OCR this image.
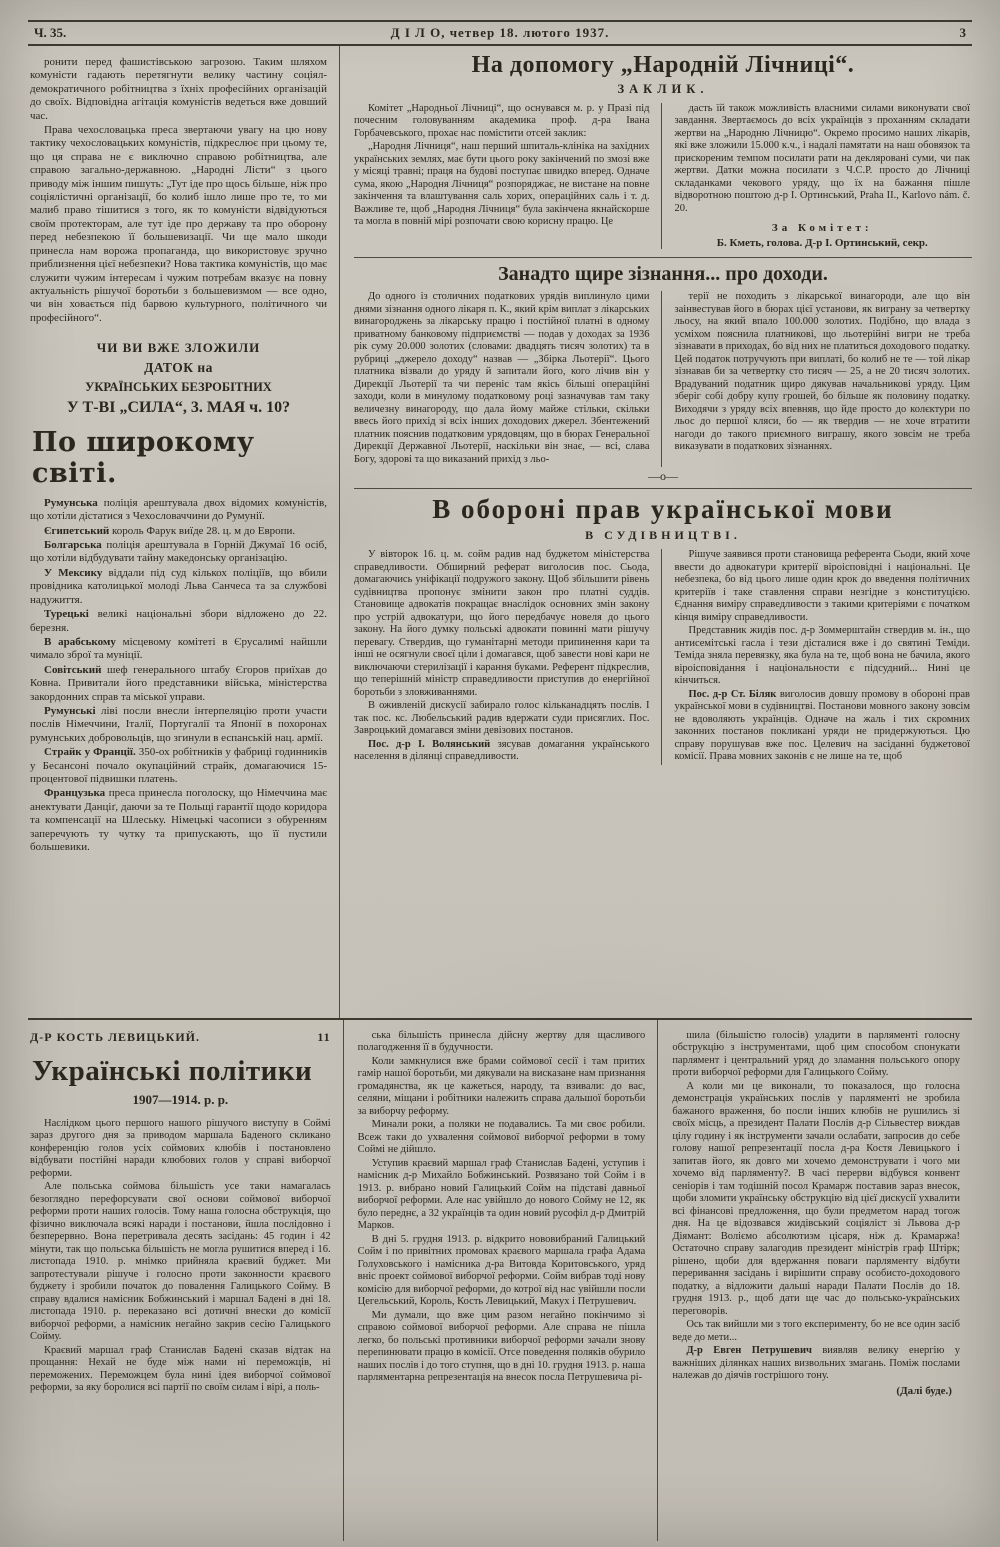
Ч. 35.	Д І Л О, четвер 18. лютого 1937.	3

ронити перед фашистівською загрозою. Таким шляхом комуністи гадають перетягнути велику частину соціял-демократичного робітництва з їхніх професійних організацій до своїх. Відповідна агітація комуністів ведеться вже довший час.

Права чехословацька преса звертаючи увагу на цю нову тактику чехословацьких комуністів, підкреслює при цьому те, що ця справа не є виключно справою робітництва, але справою загально-державною. „Народні Лісти“ з цього приводу між іншим пишуть: „Тут іде про щось більше, ніж про соціялістичні організації, бо колиб ішло лише про те, то ми малиб право тішитися з того, як то комуністи відвідуються своїм протекторам, але тут іде про державу та про оборону перед небезпекою її большевизації. Чи ще мало шкоди принесла нам ворожа пропаганда, що використовує зручно приблизнення цієї небезпеки? Нова тактика комуністів, що має служити чужим інтересам і чужим потребам вказує на повну актуальність рішучої боротьби з большевизмом — все одно, чи він ховається під барвою культурного, політичного чи професійного“.

ЧИ ВИ ВЖЕ ЗЛОЖИЛИ
ДАТОК на
УКРАЇНСЬКИХ БЕЗРОБІТНИХ
У Т-ВІ „СИЛА“, 3. МАЯ ч. 10?
По широкому світі.

Румунська поліція арештувала двох відомих комуністів, що хотіли дістатися з Чехословаччини до Румунії.

Єгипетський король Фарук виїде 28. ц. м до Европи.

Болгарська поліція арештувала в Горній Джумаї 16 осіб, що хотіли відбудувати тайну македонську організацію.

У Мексику віддали під суд кількох поліціїв, що вбили провідника католицької молоді Льва Санчеса та за службові надужиття.

Турецькі великі національні збори відложено до 22. березня.

В арабському місцевому комітеті в Єрусалимі найшли чимало зброї та муніції.

Совітський шеф генерального штабу Єгоров приїхав до Ковна. Привитали його представники війська, міністерства закордонних справ та міської управи.

Румунські ліві посли внесли інтерпеляцію проти участи послів Німеччини, Італії, Португалії та Японії в похоронах румунських добровольців, що згинули в еспанській нац. армії.

Страйк у Франції. 350-ох робітників у фабриці годинників у Бесансоні почало окупаційний страйк, домагаючися 15-процентової підвишки платень.

Французька преса принесла поголоску, що Німеччина має анектувати Данціґ, даючи за те Польщі гарантії щодо коридора та компенсації на Шлеську. Німецькі часописи з обуренням заперечують ту чутку та припускають, що її пустили большевики.

На допомогу „Народній Лічниці“.
ЗАКЛИК.

Комітет „Народньої Лічниці“, що оснувався м. р. у Празі під почесним головуванням академика проф. д-ра Івана Горбачевського, прохає нас помістити отсей заклик:

„Народня Лічниця“, наш перший шпиталь-клініка на західних українських землях, має бути цього року закінчений по змозі вже у місяці травні; праця на будові поступає швидко вперед. Одначе сума, якою „Народня Лічниця“ розпоряджає, не вистане на повне закінчення та влаштування саль хорих, операційних саль і т. д. Важливе те, щоб „Народня Лічниця“ була закінчена якнайскорше та могла в повній мірі розпочати свою корисну працю. Це

дасть їй також можливість власними силами виконувати свої завдання. Звертаємось до всіх українців з проханням складати жертви на „Народню Лічницю“. Окремо просимо наших лікарів, які вже зложили 15.000 к.ч., і надалі памятати на наш обовязок та прискореним темпом посилати рати на декляровані суми, чи пак жертви. Датки можна посилати з Ч.С.Р. просто до Лічниці складанками чекового уряду, що їх на бажання пішле відворотною поштою д-р І. Ортинський, Praha II., Karlovo nám. č. 20.

За Комітет:

Б. Кметь, голова. Д-р І. Ортинський, секр.

Занадто щире зізнання... про доходи.

До одного із столичних податкових урядів виплинуло цими днями зізнання одного лікаря п. К., який крім виплат з лікарських винагороджень за лікарську працю і постійної платні в одному приватному банковому підприємстві — подав у доходах за 1936 рік суму 20.000 золотих (словами: двадцять тисяч золотих) та в рубриці „джерело доходу“ назвав — „Збірка Льотерії“. Цього платника візвали до уряду й запитали його, кого лічив він у Дирекції Льотерії та чи переніс там якісь більші операційні заходи, коли в минулому податковому році зазначував там таку величезну винагороду, що дала йому майже стільки, скільки ввесь його прихід зі всіх інших доходових джерел. Збентежений платник пояснив податковим урядовцям, що в бюрах Генеральної Дирекції Державної Льотерії, наскільки він знає, — всі, слава Богу, здорові та що виказаний прихід з льо-

терії не походить з лікарської винагороди, але що він заінвестував його в бюрах цієї установи, як виграну за четвертку льосу, на який впало 100.000 золотих. Подібно, що влада з усміхом пояснила платникові, що льотерійні вигри не треба зізнавати в приходах, бо від них не платиться доходового податку. Цей податок потручують при виплаті, бо колиб не те — той лікар зізнавав би за четвертку сто тисяч — 25, а не 20 тисяч золотих. Врадуваний податник щиро дякував начальникові уряду. Цим зберіг собі добру купу грошей, бо більше як половину податку. Виходячи з уряду всіх впевняв, що йде просто до колєктури по льос до першої кляси, бо — як твердив — не хоче втратити нагоди до такого приємного виграшу, якого зовсім не треба виказувати в податкових зізнаннях.

—о—
В обороні прав української мови
В СУДІВНИЦТВІ.

У вівторок 16. ц. м. сойм радив над буджетом міністерства справедливости. Обширний реферат виголосив пос. Сьода, домагаючись уніфікації подружого закону. Щоб збільшити рівень судівництва пропонує змінити закон про платні суддів. Становище адвокатів покращає внаслідок основних змін закону про устрій адвокатури, що його передбачує новеля до цього закону. На його думку польські адвокати повинні мати рішучу перевагу. Ствердив, що гуманітарні методи припинення кари та інші не осягнули своєї ціли і домагався, щоб завести нові кари не виключаючи стерилізації і карання буками. Референт підкреслив, що теперішній міністр справедливости приступив до енергійної боротьби з зловживаннями.

В оживленій дискусії забирало голос кільканадцять послів. І так пос. кс. Любельський радив вдержати суди присяглих. Пос. Завроцький домагався зміни девізових постанов.

Пос. д-р І. Волянський зясував домагання українського населення в ділянці справедливости.

Рішуче заявився проти становища референта Сьоди, який хоче ввести до адвокатури критерії віроісповідні і національні. Це небезпека, бо від цього лише один крок до введення політичних критеріїв і таке ставлення справи незгідне з конституцією. Єднання виміру справедливости з такими критеріями є початком кінця виміру справедливости.

Представник жидів пос. д-р Зоммерштайн ствердив м. ін., що антисемітські гасла і тези дісталися вже і до святині Теміди. Теміда зняла перевязку, яка була на те, щоб вона не бачила, якого віроісповідання і національности є підсудний... Нині це кінчиться.

Пос. д-р Ст. Біляк виголосив довшу промову в обороні прав української мови в судівництві. Постанови мовного закону зовсім не вдоволяють українців. Одначе на жаль і тих скромних законних постанов покликані уряди не придержуються. Цю справу порушував вже пос. Целевич на засіданні буджетової комісії. Права мовних законів є не лише на те, щоб

Д-Р КОСТЬ ЛЕВИЦЬКИЙ.	11
Українські політики
1907—1914. р. р.

Наслідком цього першого нашого рішучого виступу в Соймі зараз другого дня за приводом маршала Баденого скликано конференцію голов усіх соймових клюбів і постановлено відбувати постійні наради клюбових голов у справі виборчої реформи.

Але польська соймова більшість усе таки намагалась безоглядно перефорсувати свої основи соймової виборчої реформи проти наших голосів. Тому наша голосна обструкція, що фізично виключала всякі наради і постанови, йшла послідовно і безперервно. Вона перетривала десять засідань: 45 годин і 42 мінути, так що польська більшість не могла рушитися вперед і 16. листопада 1910. р. мнімко прийняла краєвий буджет. Ми запротестували рішуче і голосно проти законности краєвого буджету і зробили початок до повалення Галицького Сойму. В справу вдалися намісник Бобжинський і маршал Бадені в дні 18. листопада 1910. р. переказано всі дотичні внески до комісії виборчої реформи, а намісник негайно закрив сесію Галицького Сойму.

Краєвий маршал граф Станислав Бадені сказав відтак на прощання: Нехай не буде між нами ні переможців, ні переможених. Переможцем була нині ідея виборчої соймової реформи, за яку боролися всі партії по своїм силам і вірі, а поль-

ська більшість принесла дійсну жертву для щасливого полагодження її в будучности.

Коли замкнулися вже брами соймової сесії і там притих гамір нашої боротьби, ми дякували на висказане нам признання громадянства, як це кажеться, народу, та взивали: до вас, селяни, міщани і робітники належить справа дальшої боротьби за виборчу реформу.

Минали роки, а поляки не подавались. Та ми своє робили. Всеж таки до ухвалення соймової виборчої реформи в тому Соймі не дійшло.

Уступив краєвий маршал граф Станислав Бадені, уступив і намісник д-р Михайло Бобжинський. Розвязано той Сойм і в 1913. р. вибрано новий Галицький Сойм на підставі давньої виборчої реформи. Але нас увійшло до нового Сойму не 12, як було переднє, а 32 українців та один новий русофіл д-р Дмитрій Марков.

В дні 5. грудня 1913. р. відкрито нововибраний Галицький Сойм і по привітних промовах краєвого маршала графа Адама Голуховського і намісника д-ра Витовда Коритовського, уряд вніс проект соймової виборчої реформи. Сойм вибрав тоді нову комісію для виборчої реформи, до котрої від нас увійшли посли Цегельський, Король, Кость Левицький, Макух і Петрушевич.

Ми думали, що вже цим разом негайно покінчимо зі справою соймової виборчої реформи. Але справа не пішла легко, бо польські противники виборчої реформи зачали знову перепинювати працю в комісії. Отсе поведення поляків обурило наших послів і до того ступня, що в дні 10. грудня 1913. р. наша парляментарна репрезентація на внесок посла Петрушевича рі-

шила (більшістю голосів) уладити в парляменті голосну обструкцію з інструментами, щоб цим способом спонукати парлямент і центральний уряд до зламання польського опору проти виборчої реформи для Галицького Сойму.

А коли ми це виконали, то показалося, що голосна демонстрація українських послів у парляменті не зробила бажаного враження, бо посли інших клюбів не рушились зі своїх місць, а президент Палати Послів д-р Сільвестер виждав цілу годину і як інструменти зачали ослабати, запросив до себе голову нашої репрезентації посла д-ра Костя Левицького і запитав його, як довго ми хочемо демонструвати і чого ми хочемо від парляменту?. В часі перерви відбувся конвент сеніорів і там тодішній посол Крамарж поставив зараз внесок, щоби зломити українську обструкцію від цієї дискусії ухвалити всі фінансові предложення, що були предметом нарад тогож дня. На це відозвався жидівський соціяліст зі Львова д-р Діямант: Воліємо абсолютизм цісаря, ніж д. Крамаржа! Остаточно справу залагодив президент міністрів граф Штірк; рішено, щоби для вдержання поваги парляменту відбути переривання засідань і вирішити справу особисто-доходового податку, а відложити дальші наради Палати Послів до 18. грудня 1913. р., щоб дати ще час до польсько-українських переговорів.

Ось так вийшли ми з того експерименту, бо не все один засіб веде до мети...

Д-р Евген Петрушевич виявляв велику енергію у важніших ділянках наших визвольних змагань. Поміж послами належав до діячів гострішого тону.

(Далі буде.)
